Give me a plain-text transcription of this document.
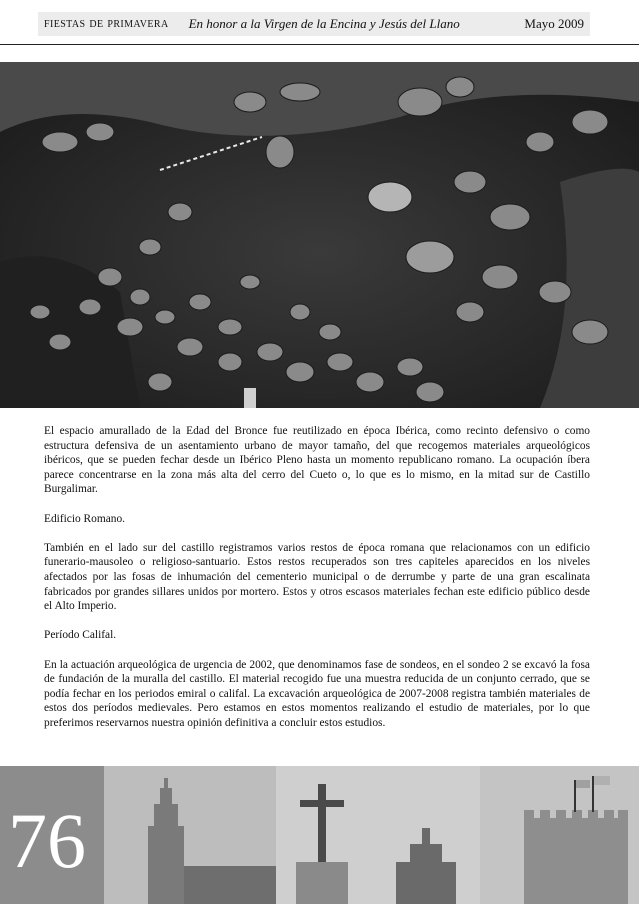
fiestas de primavera En honor a la Virgen de la Encina y Jesús del Llano	Mayo 2009

El espacio amurallado de la Edad del Bronce fue reutilizado en época Ibérica, como recinto defensivo o como estructura defensiva de un asentamiento urbano de mayor tamaño, del que recogemos materiales arqueológicos ibéricos, que se pueden fechar desde un Ibérico Pleno hasta un momento republicano romano. La ocupación íbera parece concentrarse en la zona más alta del cerro del Cueto o, lo que es lo mismo, en la mitad sur de Castillo Burgalimar.

Edificio Romano.

También en el lado sur del castillo registramos varios restos de época romana que relacionamos con un edificio funerario-mausoleo o religioso-santuario. Estos restos recuperados son tres capiteles aparecidos en los niveles afectados por las fosas de inhumación del cementerio municipal o de derrumbe y parte de una gran escalinata fabricados por grandes sillares unidos por mortero. Estos y otros escasos materiales fechan este edificio público desde el Alto Imperio.

Período Califal.

En la actuación arqueológica de urgencia de 2002, que denominamos fase de sondeos, en el sondeo 2 se excavó la fosa de fundación de la muralla del castillo. El material recogido fue una muestra reducida de un conjunto cerrado, que se podía fechar en los periodos emiral o califal. La excavación arqueológica de 2007-2008 registra también materiales de estos dos períodos medievales. Pero estamos en estos momentos realizando el estudio de materiales, por lo que preferimos reservarnos nuestra opinión definitiva a concluir estos estudios.

76
